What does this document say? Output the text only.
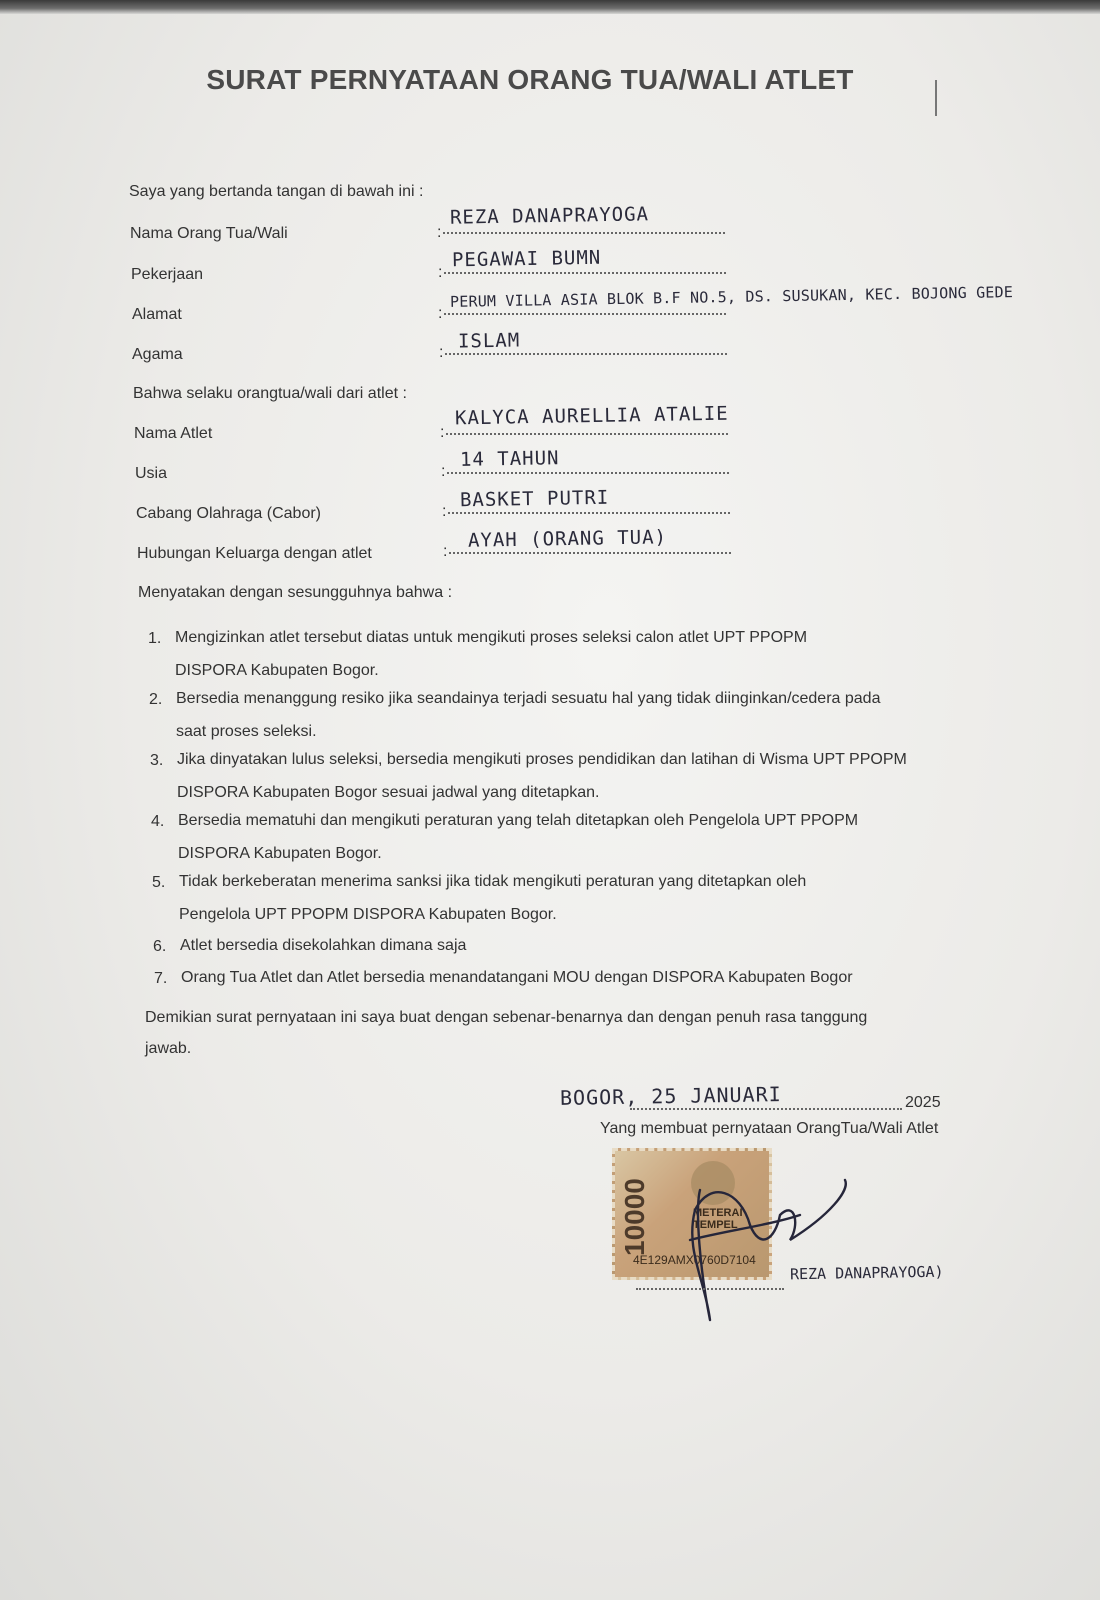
SURAT PERNYATAAN ORANG TUA/WALI ATLET
Saya yang bertanda tangan di bawah ini :
Nama Orang Tua/Wali	:
REZA DANAPRAYOGA
Pekerjaan	:
PEGAWAI BUMN
Alamat	:
PERUM VILLA ASIA BLOK B.F NO.5, DS. SUSUKAN, KEC. BOJONG GEDE
Agama	: ISLAM
Bahwa selaku orangtua/wali dari atlet :
Nama Atlet	:
KALYCA AURELLIA ATALIE
Usia	:
14 TAHUN
Cabang Olahraga (Cabor)	:
BASKET PUTRI
Hubungan Keluarga dengan atlet	: AYAH (ORANG TUA)
Menyatakan dengan sesungguhnya bahwa :
1. Mengizinkan atlet tersebut diatas untuk mengikuti proses seleksi calon atlet UPT PPOPM
DISPORA Kabupaten Bogor.
2. Bersedia menanggung resiko jika seandainya terjadi sesuatu hal yang tidak diinginkan/cedera pada
saat proses seleksi.
3. Jika dinyatakan lulus seleksi, bersedia mengikuti proses pendidikan dan latihan di Wisma UPT PPOPM
DISPORA Kabupaten Bogor sesuai jadwal yang ditetapkan.
4. Bersedia mematuhi dan mengikuti peraturan yang telah ditetapkan oleh Pengelola UPT PPOPM
DISPORA Kabupaten Bogor.
5. Tidak berkeberatan menerima sanksi jika tidak mengikuti peraturan yang ditetapkan oleh
Pengelola UPT PPOPM DISPORA Kabupaten Bogor.
6. Atlet bersedia disekolahkan dimana saja
7. Orang Tua Atlet dan Atlet bersedia menandatangani MOU dengan DISPORA Kabupaten Bogor
Demikian surat pernyataan ini saya buat dengan sebenar-benarnya dan dengan penuh rasa tanggung
jawab.
BOGOR, 25 JANUARI	2025
Yang membuat pernyataan OrangTua/Wali Atlet
10000	METERAI TEMPEL
4E129AMX0760D7104
REZA DANAPRAYOGA)
